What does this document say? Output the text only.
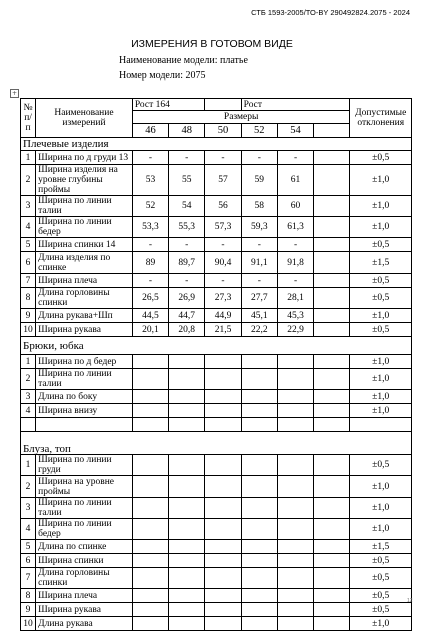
СТБ 1593-2005/ТО-BY 290492824.2075 - 2024
ИЗМЕРЕНИЯ В ГОТОВОМ ВИДЕ
Наименование модели: платье
Номер модели: 2075
+
№ п/ п	Наименование измерений	Рост 164			Рост			Допустимые отклонения
		Размеры						
		46	48	50	52	54		
Плечевые изделия								
1	Ширина по д груди 13	-	-	-	-	-		±0,5
2	Ширина изделия на уровне глубины проймы	53	55	57	59	61		±1,0
3	Ширина по линии талии	52	54	56	58	60		±1,0
4	Ширина по линии бедер	53,3	55,3	57,3	59,3	61,3		±1,0
5	Ширина спинки 14	-	-	-	-	-		±0,5
6	Длина изделия по спинке	89	89,7	90,4	91,1	91,8		±1,5
7	Ширина плеча	-	-	-	-	-		±0,5
8	Длина горловины спинки	26,5	26,9	27,3	27,7	28,1		±0,5
9	Длина рукава+Шп	44,5	44,7	44,9	45,1	45,3		±1,0
10	Ширина рукава	20,1	20,8	21,5	22,2	22,9		±0,5
Брюки, юбка								
1	Ширина по д бедер							±1,0
2	Ширина по линии талии							±1,0
3	Длина по боку							±1,0
4	Ширина внизу							±1,0

Блуза, топ								
1	Ширина по линии груди							±0,5
2	Ширина на уровне проймы							±1,0
3	Ширина по линии талии							±1,0
4	Ширина по линии бедер							±1,0
5	Длина по спинке							±1,5
6	Ширина спинки							±0,5
7	Длина горловины спинки							±0,5
8	Ширина плеча							±0,5
9	Ширина рукава							±0,5
10	Длина рукава							±1,0
12
